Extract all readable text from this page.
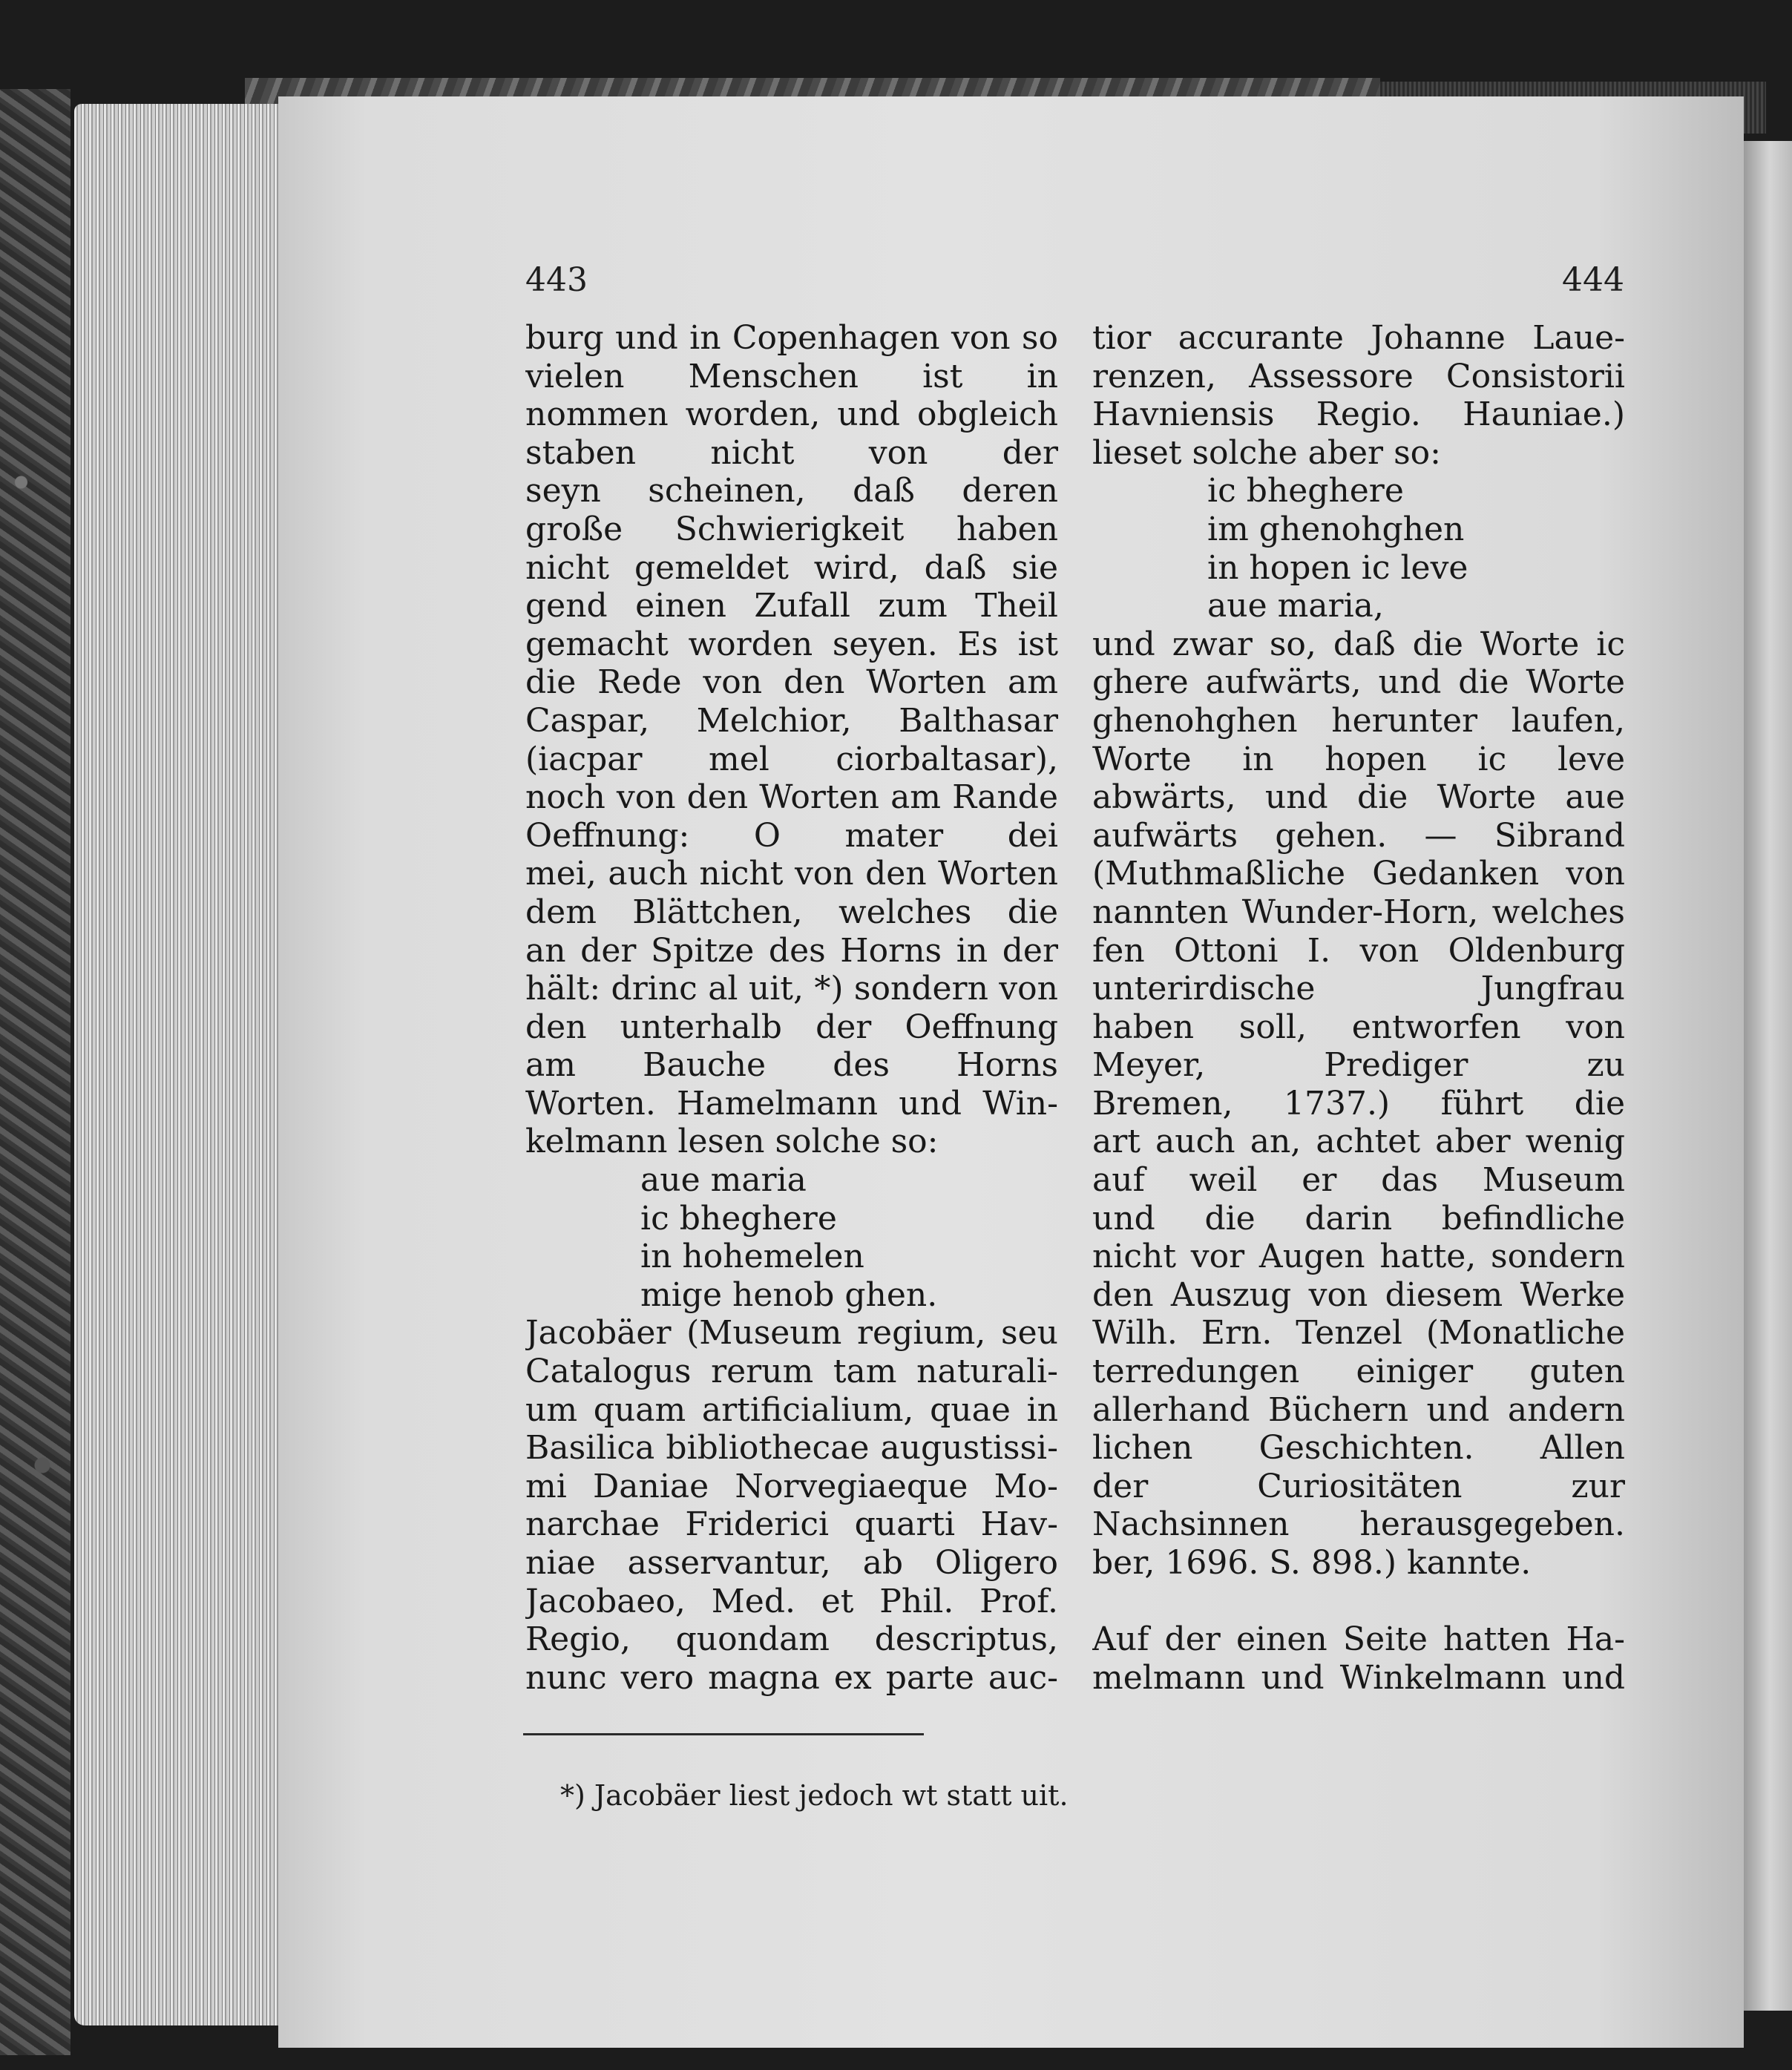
443	444
burg und in Copenhagen von so
vielen Menschen ist in
nommen worden, und obgleich
staben nicht von der
seyn scheinen, daß deren
große Schwierigkeit haben
nicht gemeldet wird, daß sie
gend einen Zufall zum Theil
gemacht worden seyen. Es ist
die Rede von den Worten am
Caspar, Melchior, Balthasar
(iacpar mel ciorbaltasar),
noch von den Worten am Rande
Oeffnung: O mater dei
mei, auch nicht von den Worten
dem Blättchen, welches die
an der Spitze des Horns in der
hält: drinc al uit, *) sondern von
den unterhalb der Oeffnung
am Bauche des Horns
Worten. Hamelmann und Win-
kelmann lesen solche so:
aue maria
ic bheghere
in hohemelen
mige henob ghen.
Jacobäer (Museum regium, seu
Catalogus rerum tam naturali-
um quam artificialium, quae in
Basilica bibliothecae augustissi-
mi Daniae Norvegiaeque Mo-
narchae Friderici quarti Hav-
niae asservantur, ab Oligero
Jacobaeo, Med. et Phil. Prof.
Regio, quondam descriptus,
nunc vero magna ex parte auc-
tior accurante Johanne Laue-
renzen, Assessore Consistorii
Havniensis Regio. Hauniae.)
lieset solche aber so:
ic bheghere
im ghenohghen
in hopen ic leve
aue maria,
und zwar so, daß die Worte ic
ghere aufwärts, und die Worte
ghenohghen herunter laufen,
Worte in hopen ic leve
abwärts, und die Worte aue
aufwärts gehen. — Sibrand
(Muthmaßliche Gedanken von
nannten Wunder-Horn, welches
fen Ottoni I. von Oldenburg
unterirdische Jungfrau
haben soll, entworfen von
Meyer, Prediger zu
Bremen, 1737.) führt die
art auch an, achtet aber wenig
auf weil er das Museum
und die darin befindliche
nicht vor Augen hatte, sondern
den Auszug von diesem Werke
Wilh. Ern. Tenzel (Monatliche
terredungen einiger guten
allerhand Büchern und andern
lichen Geschichten. Allen
der Curiositäten zur
Nachsinnen herausgegeben.
ber, 1696. S. 898.) kannte.
Auf der einen Seite hatten Ha-
melmann und Winkelmann und
*) Jacobäer liest jedoch wt statt uit.
